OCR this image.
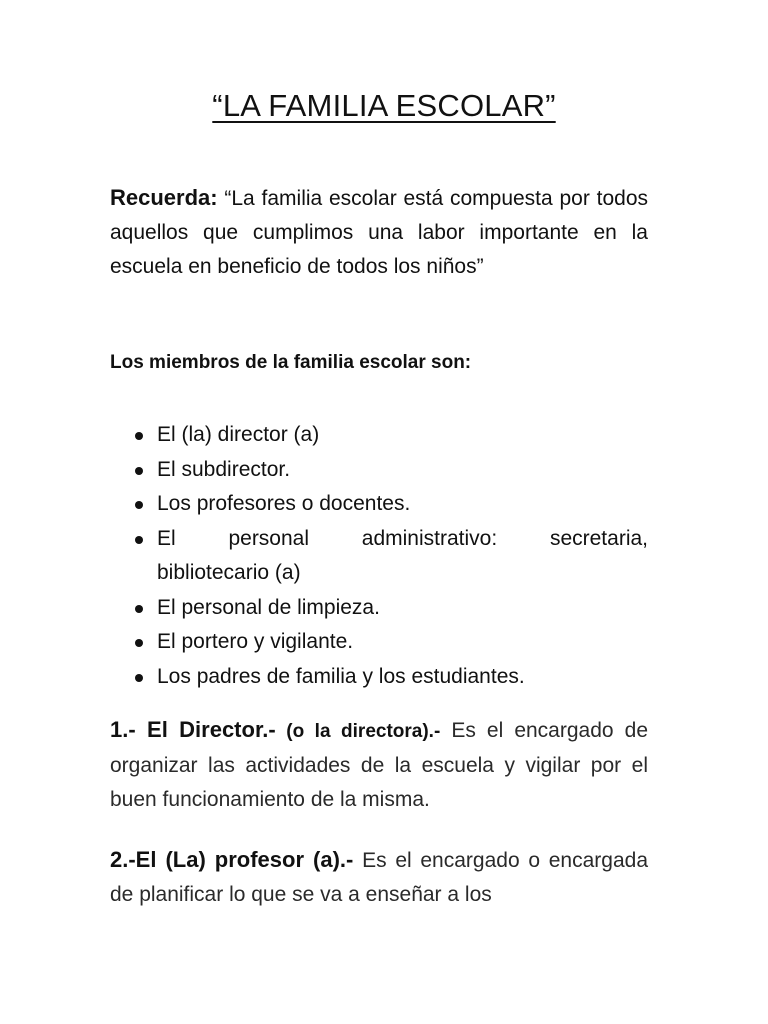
“LA FAMILIA ESCOLAR”
Recuerda: “La familia escolar está compuesta por todos aquellos que cumplimos una labor importante en la escuela en beneficio de todos los niños”
Los miembros de la familia escolar son:
El (la) director (a)
El subdirector.
Los profesores o docentes.
El personal administrativo: secretaria,
bibliotecario (a)
El personal de limpieza.
El portero y vigilante.
Los padres de familia y los estudiantes.
1.- El Director.- (o la directora).- Es el encargado de organizar las actividades de la escuela y vigilar por el buen funcionamiento de la misma.
2.-El (La) profesor (a).- Es el encargado o encargada de planificar lo que se va a enseñar a los
